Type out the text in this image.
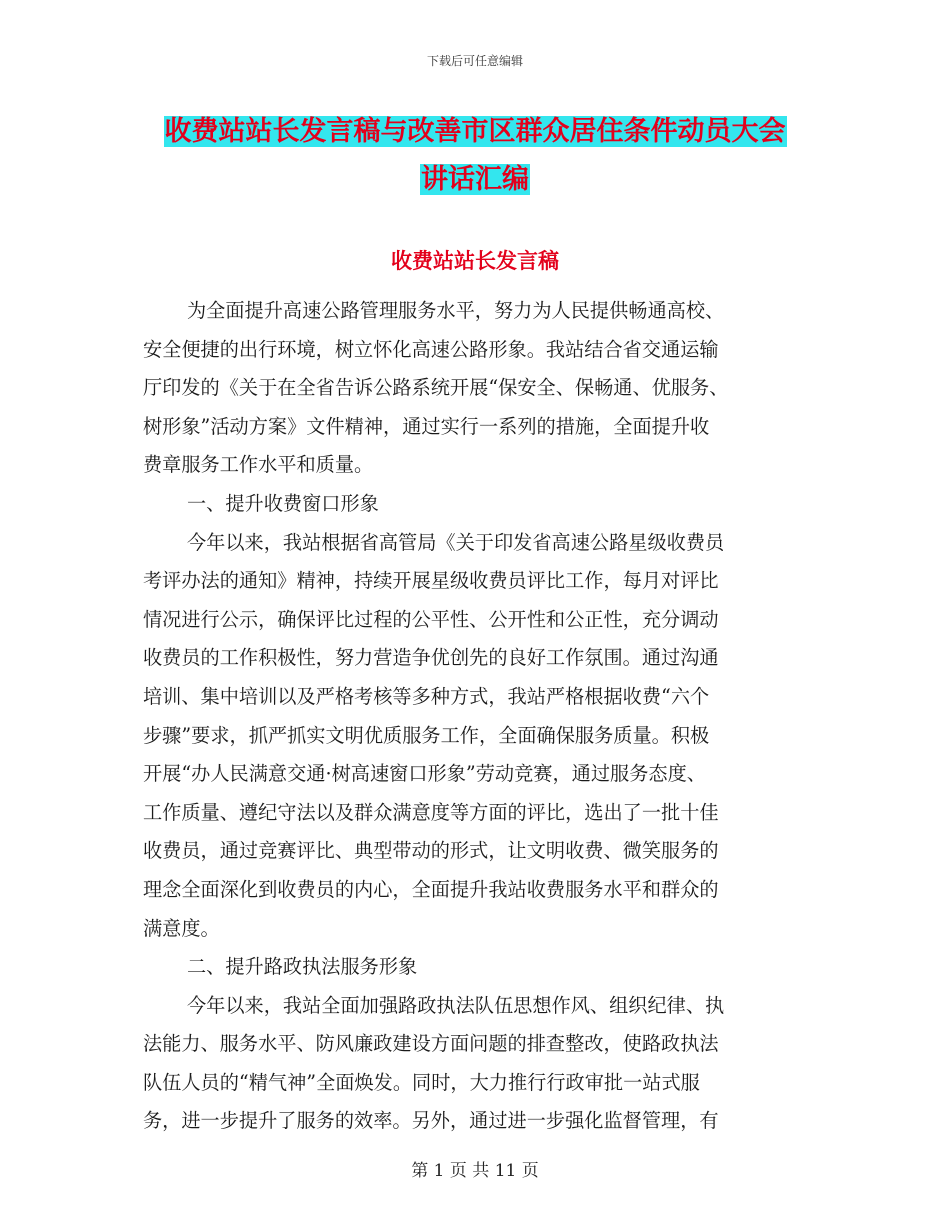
下载后可任意编辑
收费站站长发言稿与改善市区群众居住条件动员大会
讲话汇编
收费站站长发言稿
为全面提升高速公路管理服务水平，努力为人民提供畅通高校、
安全便捷的出行环境，树立怀化高速公路形象。我站结合省交通运输
厅印发的《关于在全省告诉公路系统开展“保安全、保畅通、优服务、
树形象”活动方案》文件精神，通过实行一系列的措施，全面提升收
费章服务工作水平和质量。
一、提升收费窗口形象
今年以来，我站根据省高管局《关于印发省高速公路星级收费员
考评办法的通知》精神，持续开展星级收费员评比工作，每月对评比
情况进行公示，确保评比过程的公平性、公开性和公正性，充分调动
收费员的工作积极性，努力营造争优创先的良好工作氛围。通过沟通
培训、集中培训以及严格考核等多种方式，我站严格根据收费“六个
步骤”要求，抓严抓实文明优质服务工作，全面确保服务质量。积极
开展“办人民满意交通·树高速窗口形象”劳动竞赛，通过服务态度、
工作质量、遵纪守法以及群众满意度等方面的评比，选出了一批十佳
收费员，通过竞赛评比、典型带动的形式，让文明收费、微笑服务的
理念全面深化到收费员的内心，全面提升我站收费服务水平和群众的
满意度。
二、提升路政执法服务形象
今年以来，我站全面加强路政执法队伍思想作风、组织纪律、执
法能力、服务水平、防风廉政建设方面问题的排查整改，使路政执法
队伍人员的“精气神”全面焕发。同时，大力推行行政审批一站式服
务，进一步提升了服务的效率。另外，通过进一步强化监督管理，有
第 1 页 共 11 页
